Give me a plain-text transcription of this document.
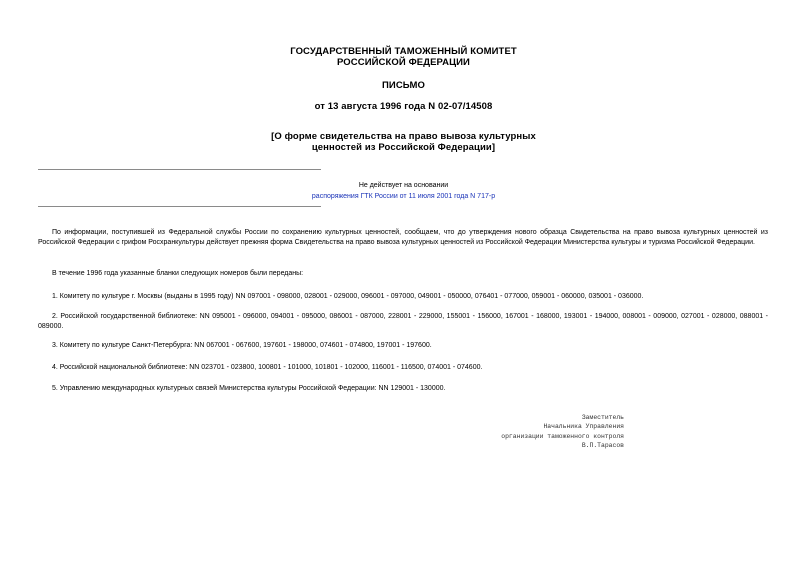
ГОСУДАРСТВЕННЫЙ ТАМОЖЕННЫЙ КОМИТЕТ
РОССИЙСКОЙ ФЕДЕРАЦИИ
ПИСЬМО
от 13 августа 1996 года N 02-07/14508
[О форме свидетельства на право вывоза культурных
ценностей из Российской Федерации]
Не действует на основании
распоряжения ГТК России от 11 июля 2001 года N 717-р
По информации, поступившей из Федеральной службы России по сохранению культурных ценностей, сообщаем, что до утверждения нового образца Свидетельства на право вывоза культурных ценностей из Российской Федерации с грифом Росхранкультуры действует прежняя форма Свидетельства на право вывоза культурных ценностей из Российской Федерации Министерства культуры и туризма Российской Федерации.
В течение 1996 года указанные бланки следующих номеров были переданы:
1. Комитету по культуре г. Москвы (выданы в 1995 году) NN 097001 - 098000, 028001 - 029000, 096001 - 097000, 049001 - 050000, 076401 - 077000, 059001 - 060000, 035001 - 036000.
2. Российской государственной библиотеке: NN 095001 - 096000, 094001 - 095000, 086001 - 087000, 228001 - 229000, 155001 - 156000, 167001 - 168000, 193001 - 194000, 008001 - 009000, 027001 - 028000, 088001 - 089000.
3. Комитету по культуре Санкт-Петербурга: NN 067001 - 067600, 197601 - 198000, 074601 - 074800, 197001 - 197600.
4. Российской национальной библиотеке: NN 023701 - 023800, 100801 - 101000, 101801 - 102000, 116001 - 116500, 074001 - 074600.
5. Управлению международных культурных связей Министерства культуры Российской Федерации: NN 129001 - 130000.
Заместитель
Начальника Управления
организации таможенного контроля
В.П.Тарасов
